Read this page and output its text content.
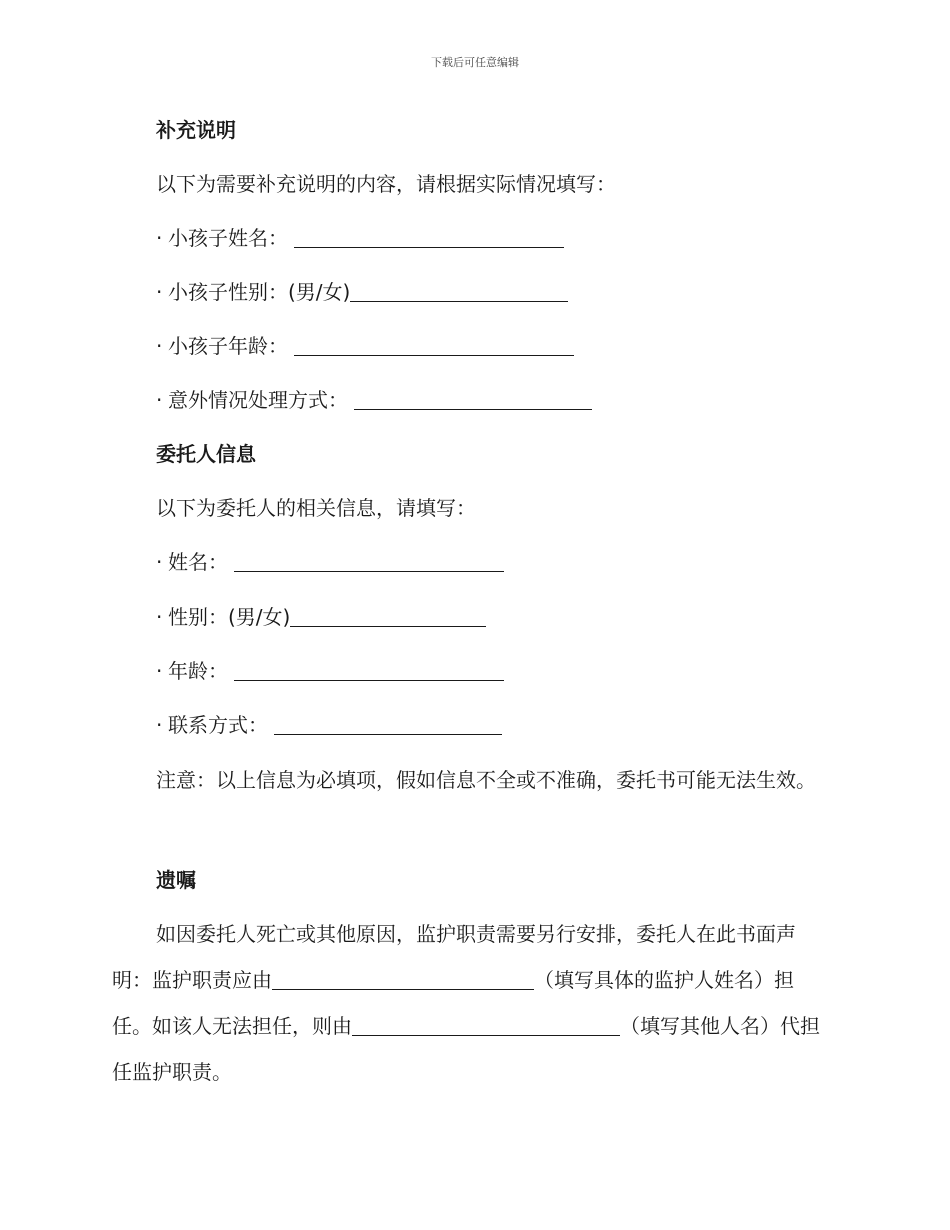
下载后可任意编辑
补充说明

以下为需要补充说明的内容，请根据实际情况填写：

· 小孩子姓名：

· 小孩子性别：(男/女)

· 小孩子年龄：

· 意外情况处理方式：

委托人信息

以下为委托人的相关信息，请填写：

· 姓名：

· 性别：(男/女)

· 年龄：

· 联系方式：

注意：以上信息为必填项，假如信息不全或不准确，委托书可能无法生效。

遗嘱

如因委托人死亡或其他原因，监护职责需要另行安排，委托人在此书面声明：监护职责应由	（填写具体的监护人姓名）担任。如该人无法担任，则由	（填写其他人名）代担任监护职责。
